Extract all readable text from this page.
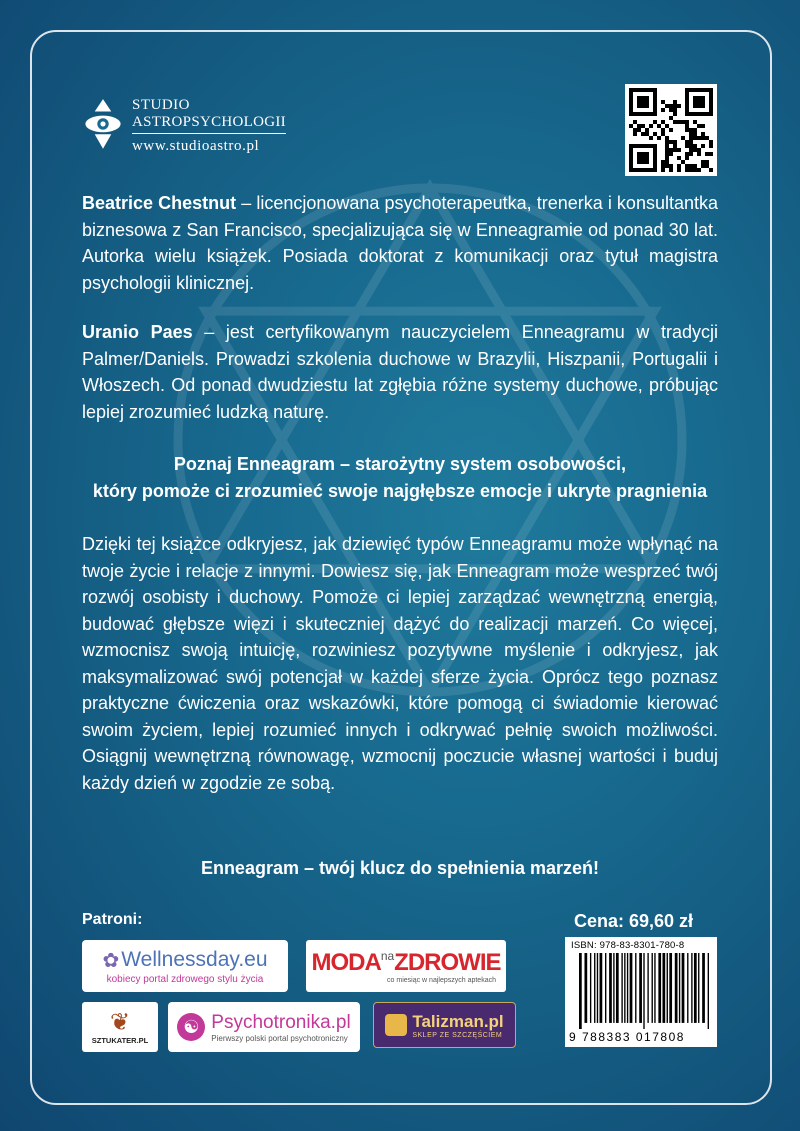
STUDIO
ASTROPSYCHOLOGII
www.studioastro.pl
Beatrice Chestnut – licencjonowana psychoterapeutka, trenerka i konsultantka biznesowa z San Francisco, specjalizująca się w Enneagramie od ponad 30 lat. Autorka wielu książek. Posiada doktorat z komunikacji oraz tytuł magistra psychologii klinicznej.
Uranio Paes – jest certyfikowanym nauczycielem Enneagramu w tradycji Palmer/Daniels. Prowadzi szkolenia duchowe w Brazylii, Hiszpanii, Portugalii i Włoszech. Od ponad dwudziestu lat zgłębia różne systemy duchowe, próbując lepiej zrozumieć ludzką naturę.
Poznaj Enneagram – starożytny system osobowości,
który pomoże ci zrozumieć swoje najgłębsze emocje i ukryte pragnienia
Dzięki tej książce odkryjesz, jak dziewięć typów Enneagramu może wpłynąć na twoje życie i relacje z innymi. Dowiesz się, jak Enneagram może wesprzeć twój rozwój osobisty i duchowy. Pomoże ci lepiej zarządzać wewnętrzną energią, budować głębsze więzi i skuteczniej dążyć do realizacji marzeń. Co więcej, wzmocnisz swoją intuicję, rozwiniesz pozytywne myślenie i odkryjesz, jak maksymalizować swój potencjał w każdej sferze życia. Oprócz tego poznasz praktyczne ćwiczenia oraz wskazówki, które pomogą ci świadomie kierować swoim życiem, lepiej rozumieć innych i odkrywać pełnię swoich możliwości. Osiągnij wewnętrzną równowagę, wzmocnij poczucie własnej wartości i buduj każdy dzień w zgodzie ze sobą.
Enneagram – twój klucz do spełnienia marzeń!
Patroni:	Cena: 69,60 zł
✿ Wellnessday.eu
kobiecy portal zdrowego stylu życia
$MODA^{na}ZDROWIE$
co miesiąc w najlepszych aptekach
❦
SZTUKATER.PL
☯ Psychotronika.pl
Pierwszy polski portal psychotroniczny
Talizman.pl
SKLEP ZE SZCZĘŚCIEM
ISBN: 978-83-8301-780-8
9 788383 017808
